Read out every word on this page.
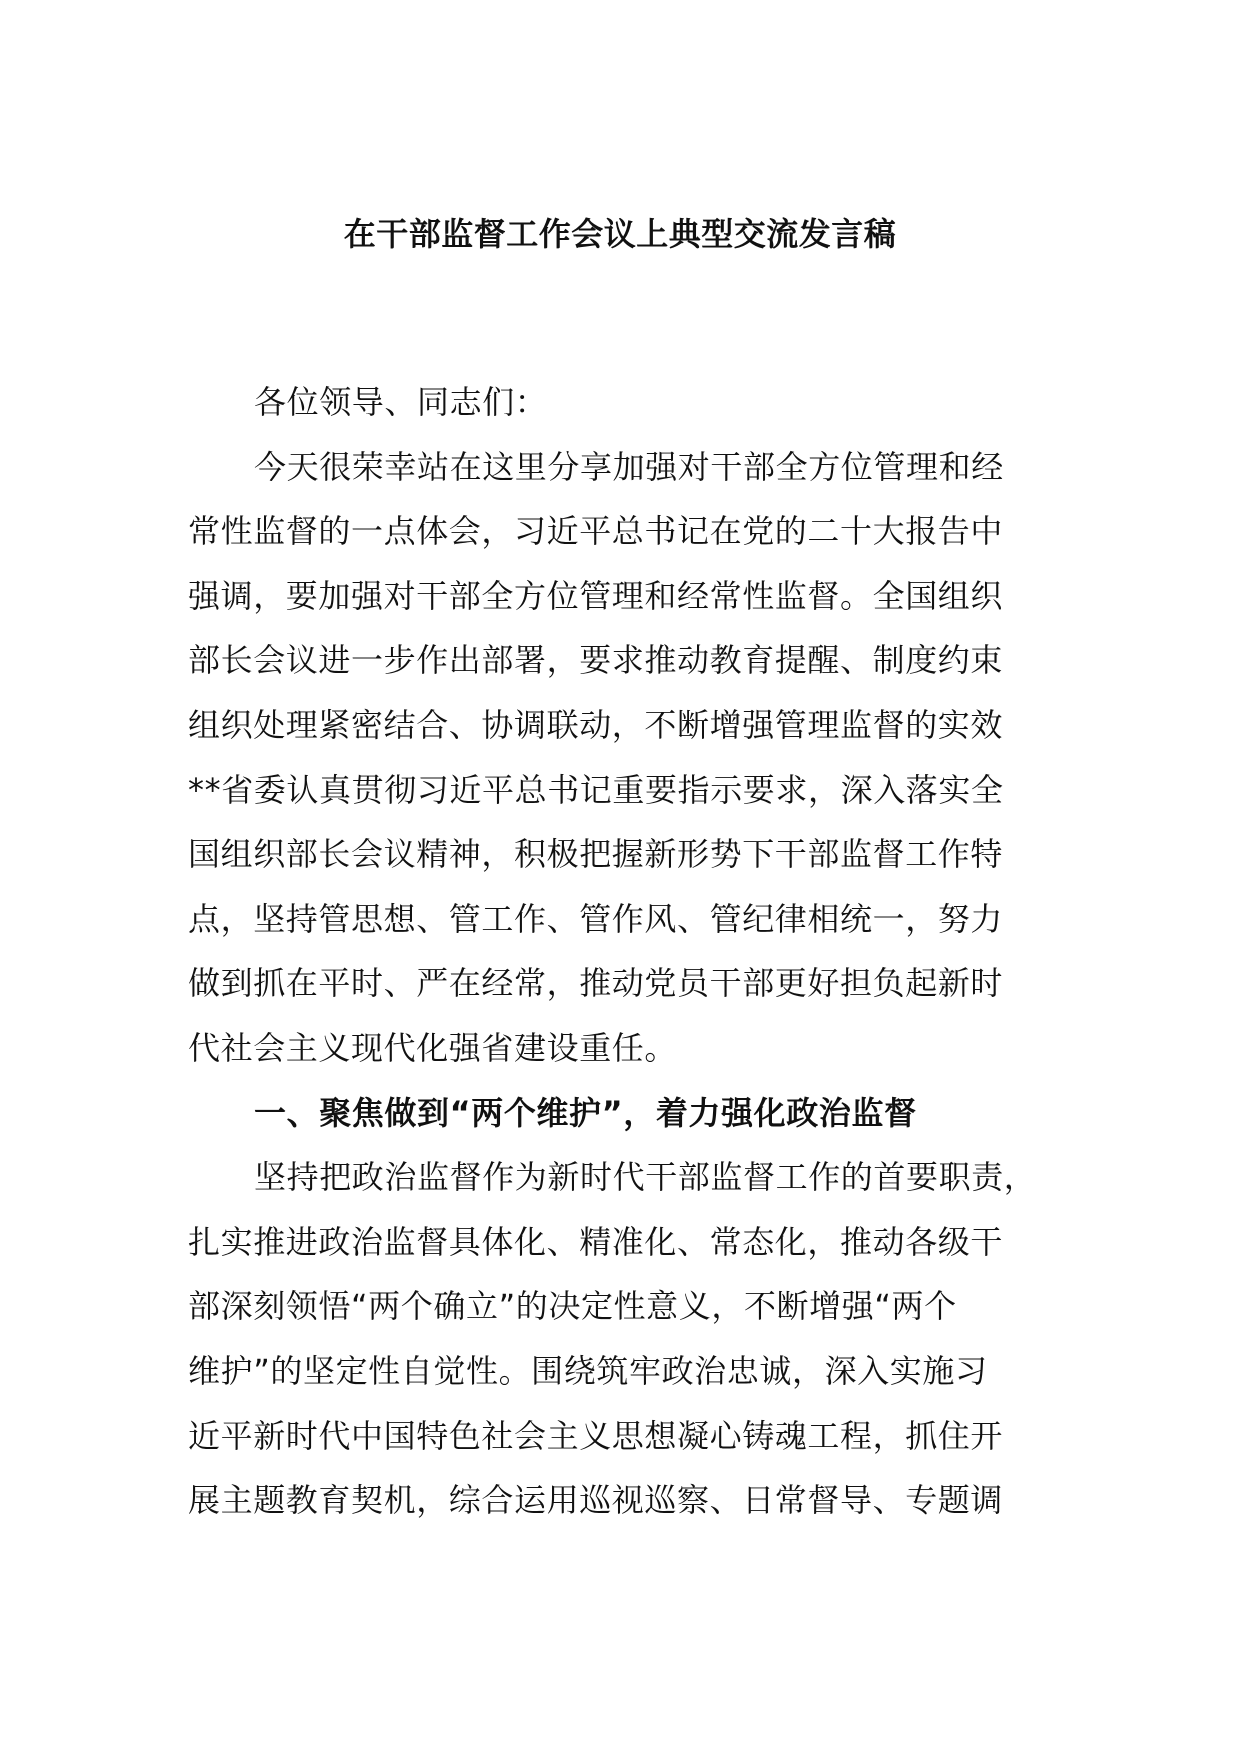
在干部监督工作会议上典型交流发言稿
各位领导、同志们：
今天很荣幸站在这里分享加强对干部全方位管理和经
常性监督的一点体会，习近平总书记在党的二十大报告中
强调，要加强对干部全方位管理和经常性监督。全国组织
部长会议进一步作出部署，要求推动教育提醒、制度约束
组织处理紧密结合、协调联动，不断增强管理监督的实效
**省委认真贯彻习近平总书记重要指示要求，深入落实全
国组织部长会议精神，积极把握新形势下干部监督工作特
点，坚持管思想、管工作、管作风、管纪律相统一，努力
做到抓在平时、严在经常，推动党员干部更好担负起新时
代社会主义现代化强省建设重任。
一、聚焦做到“两个维护”，着力强化政治监督
坚持把政治监督作为新时代干部监督工作的首要职责，
扎实推进政治监督具体化、精准化、常态化，推动各级干
部深刻领悟“两个确立”的决定性意义，不断增强“两个
维护”的坚定性自觉性。围绕筑牢政治忠诚，深入实施习
近平新时代中国特色社会主义思想凝心铸魂工程，抓住开
展主题教育契机，综合运用巡视巡察、日常督导、专题调
